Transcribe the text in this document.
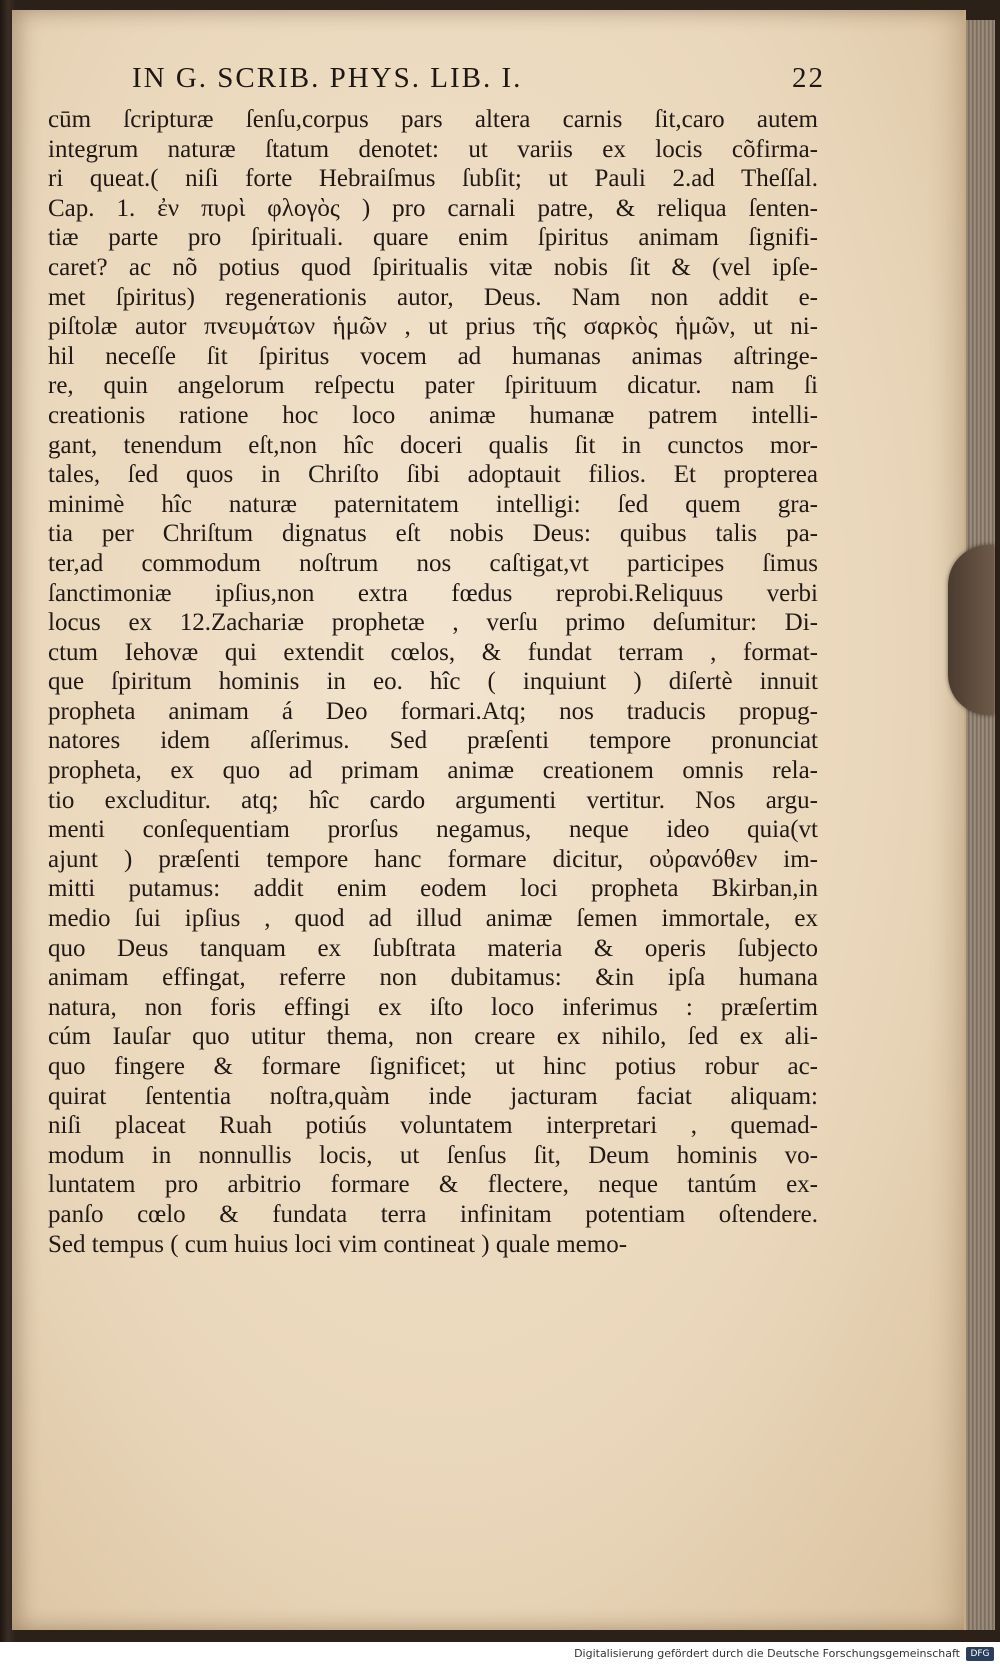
IN G. SCRIB. PHYS. LIB. I.	22
cūm ſcripturæ ſenſu,corpus pars altera carnis ſit,caro autem
integrum naturæ ſtatum denotet: ut variis ex locis cõfirma-
ri queat.( niſi forte Hebraiſmus ſubſit; ut Pauli 2.ad Theſſal.
Cap. 1. ἐν πυρὶ φλογὸς ) pro carnali patre, & reliqua ſenten-
tiæ parte pro ſpirituali. quare enim ſpiritus animam ſignifi-
caret? ac nõ potius quod ſpiritualis vitæ nobis ſit & (vel ipſe-
met ſpiritus) regenerationis autor, Deus. Nam non addit e-
piſtolæ autor πνευμάτων ἡμῶν , ut prius τῆς σαρκὸς ἡμῶν, ut ni-
hil neceſſe ſit ſpiritus vocem ad humanas animas aſtringe-
re, quin angelorum reſpectu pater ſpirituum dicatur. nam ſi
creationis ratione hoc loco animæ humanæ patrem intelli-
gant, tenendum eſt,non hîc doceri qualis ſit in cunctos mor-
tales, ſed quos in Chriſto ſibi adoptauit filios. Et propterea
minimè hîc naturæ paternitatem intelligi: ſed quem gra-
tia per Chriſtum dignatus eſt nobis Deus: quibus talis pa-
ter,ad commodum noſtrum nos caſtigat,vt participes ſimus
ſanctimoniæ ipſius,non extra fœdus reprobi.Reliquus verbi
locus ex 12.Zachariæ prophetæ , verſu primo deſumitur: Di-
ctum Iehovæ qui extendit cœlos, & fundat terram , format-
que ſpiritum hominis in eo. hîc ( inquiunt ) diſertè innuit
propheta animam á Deo formari.Atq; nos traducis propug-
natores idem aſſerimus. Sed præſenti tempore pronunciat
propheta, ex quo ad primam animæ creationem omnis rela-
tio excluditur. atq; hîc cardo argumenti vertitur. Nos argu-
menti conſequentiam prorſus negamus, neque ideo quia(vt
ajunt ) præſenti tempore hanc formare dicitur, οὐρανόθεν im-
mitti putamus: addit enim eodem loci propheta Bkirban,in
medio ſui ipſius , quod ad illud animæ ſemen immortale, ex
quo Deus tanquam ex ſubſtrata materia & operis ſubjecto
animam effingat, referre non dubitamus: &in ipſa humana
natura, non foris effingi ex iſto loco inferimus : præſertim
cúm Iauſar quo utitur thema, non creare ex nihilo, ſed ex ali-
quo fingere & formare ſignificet; ut hinc potius robur ac-
quirat ſententia noſtra,quàm inde jacturam faciat aliquam:
niſi placeat Ruah potiús voluntatem interpretari , quemad-
modum in nonnullis locis, ut ſenſus ſit, Deum hominis vo-
luntatem pro arbitrio formare & flectere, neque tantúm ex-
panſo cœlo & fundata terra infinitam potentiam oſtendere.
Sed tempus ( cum huius loci vim contineat ) quale memo-
Digitalisierung gefördert durch die Deutsche Forschungsgemeinschaft	DFG
